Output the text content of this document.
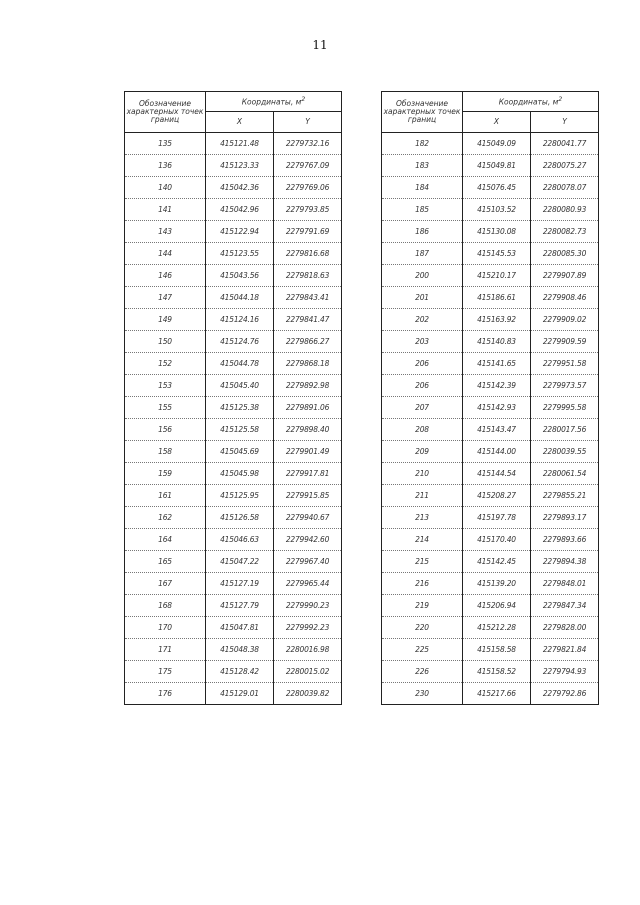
11
Обозначение характерных точек границ	Координаты, $м^2$
	X	Y
135	415121.48	2279732.16
136	415123.33	2279767.09
140	415042.36	2279769.06
141	415042.96	2279793.85
143	415122.94	2279791.69
144	415123.55	2279816.68
146	415043.56	2279818.63
147	415044.18	2279843.41
149	415124.16	2279841.47
150	415124.76	2279866.27
152	415044.78	2279868.18
153	415045.40	2279892.98
155	415125.38	2279891.06
156	415125.58	2279898.40
158	415045.69	2279901.49
159	415045.98	2279917.81
161	415125.95	2279915.85
162	415126.58	2279940.67
164	415046.63	2279942.60
165	415047.22	2279967.40
167	415127.19	2279965.44
168	415127.79	2279990.23
170	415047.81	2279992.23
171	415048.38	2280016.98
175	415128.42	2280015.02
176	415129.01	2280039.82
Обозначение характерных точек границ	Координаты, $м^2$
	X	Y
182	415049.09	2280041.77
183	415049.81	2280075.27
184	415076.45	2280078.07
185	415103.52	2280080.93
186	415130.08	2280082.73
187	415145.53	2280085.30
200	415210.17	2279907.89
201	415186.61	2279908.46
202	415163.92	2279909.02
203	415140.83	2279909.59
206	415141.65	2279951.58
206	415142.39	2279973.57
207	415142.93	2279995.58
208	415143.47	2280017.56
209	415144.00	2280039.55
210	415144.54	2280061.54
211	415208.27	2279855.21
213	415197.78	2279893.17
214	415170.40	2279893.66
215	415142.45	2279894.38
216	415139.20	2279848.01
219	415206.94	2279847.34
220	415212.28	2279828.00
225	415158.58	2279821.84
226	415158.52	2279794.93
230	415217.66	2279792.86
